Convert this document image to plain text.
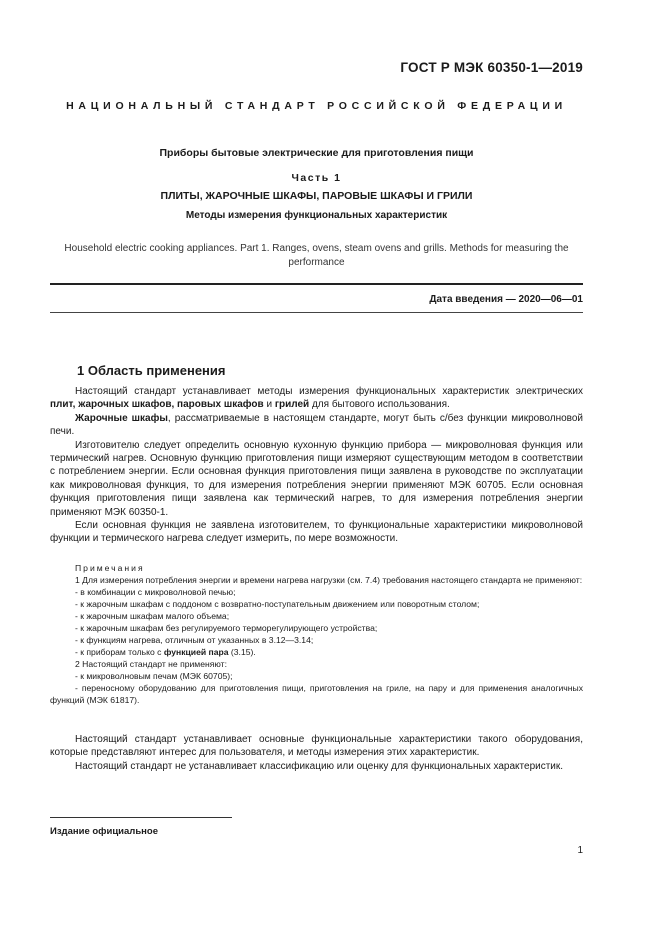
ГОСТ Р МЭК 60350-1—2019
НАЦИОНАЛЬНЫЙ СТАНДАРТ РОССИЙСКОЙ ФЕДЕРАЦИИ
Приборы бытовые электрические для приготовления пищи
Часть 1
ПЛИТЫ, ЖАРОЧНЫЕ ШКАФЫ, ПАРОВЫЕ ШКАФЫ И ГРИЛИ
Методы измерения функциональных характеристик
Household electric cooking appliances. Part 1. Ranges, ovens, steam ovens and grills. Methods for measuring the performance
Дата введения — 2020—06—01
1 Область применения

Настоящий стандарт устанавливает методы измерения функциональных характеристик электрических плит, жарочных шкафов, паровых шкафов и грилей для бытового использования.

Жарочные шкафы, рассматриваемые в настоящем стандарте, могут быть с/без функции микроволновой печи.

Изготовителю следует определить основную кухонную функцию прибора — микроволновая функция или термический нагрев. Основную функцию приготовления пищи измеряют существующим методом в соответствии с потреблением энергии. Если основная функция приготовления пищи заявлена в руководстве по эксплуатации как микроволновая функция, то для измерения потребления энергии применяют МЭК 60705. Если основная функция приготовления пищи заявлена как термический нагрев, то для измерения потребления энергии применяют МЭК 60350-1.

Если основная функция не заявлена изготовителем, то функциональные характеристики микроволновой функции и термического нагрева следует измерить, по мере возможности.

Примечания

1 Для измерения потребления энергии и времени нагрева нагрузки (см. 7.4) требования настоящего стандарта не применяют:

- в комбинации с микроволновой печью;

- к жарочным шкафам с поддоном с возвратно-поступательным движением или поворотным столом;

- к жарочным шкафам малого объема;

- к жарочным шкафам без регулируемого терморегулирующего устройства;

- к функциям нагрева, отличным от указанных в 3.12—3.14;

- к приборам только с функцией пара (3.15).

2 Настоящий стандарт не применяют:

- к микроволновым печам (МЭК 60705);

- переносному оборудованию для приготовления пищи, приготовления на гриле, на пару и для применения аналогичных функций (МЭК 61817).

Настоящий стандарт устанавливает основные функциональные характеристики такого оборудования, которые представляют интерес для пользователя, и методы измерения этих характеристик.

Настоящий стандарт не устанавливает классификацию или оценку для функциональных характеристик.

Издание официальное
1
